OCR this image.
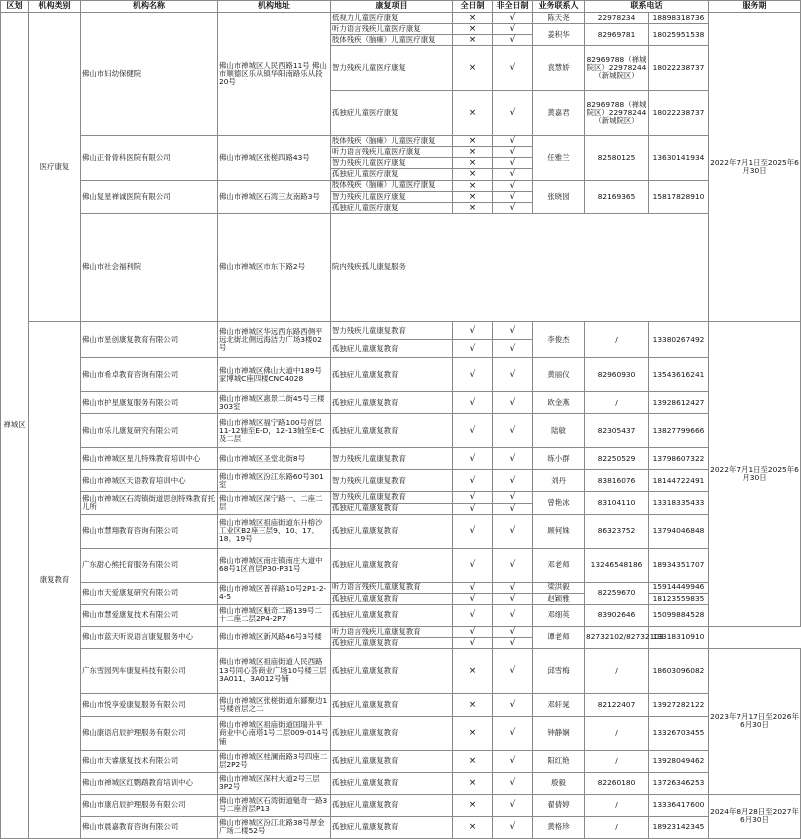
区划	机构类别	机构名称	机构地址	康复项目	全日制	非全日制	业务联系人	联系电话		服务期	
禅城区	医疗康复	佛山市妇幼保健院	佛山市禅城区人民西路11号 佛山市顺德区乐从镇华阳南路乐从段20号	低视力儿童医疗康复	×	√	陈天尧	22978234	18898318736	2022年7月1日至2025年6月30日	
				听力语言残疾儿童医疗康复	×	√	姜积华	82969781	18025951538		
				肢体残疾（脑瘫）儿童医疗康复	×	√					
				智力残疾儿童医疗康复	×	√	袁慧娇	82969788（禅城院区）22978244（新城院区）	18022238737		
				孤独症儿童医疗康复	×	√	黄嘉君	82969788（禅城院区）22978244（新城院区）	18022238737		
		佛山正骨骨科医院有限公司	佛山市禅城区张槎四路43号	肢体残疾（脑瘫）儿童医疗康复	×	√	任雅兰	82580125	13630141934		
				听力语言残疾儿童医疗康复	×	√					
				智力残疾儿童医疗康复	×	√					
				孤独症儿童医疗康复	×	√					
		佛山复星禅诚医院有限公司	佛山市禅城区石湾三友南路3号	肢体残疾（脑瘫）儿童医疗康复	×	√	张晓园	82169365	15817828910		
				智力残疾儿童医疗康复	×	√					
				孤独症儿童医疗康复	×	√					
		佛山市社会福利院	佛山市禅城区市东下路2号	院内残疾孤儿康复服务	
	康复教育	佛山市星创康复教育有限公司	佛山市禅城区华远西东路西侧平远北街北侧远海洁力广场3楼02号	智力残疾儿童康复教育	√	√	李俊杰	/	13380267492	2022年7月1日至2025年6月30日	
				孤独症儿童康复教育	√	√					
		佛山市希卓教育咨询有限公司	佛山市禅城区佛山大道中189号家博城C座四楼CNC4028	孤独症儿童康复教育	√	√	黄丽仪	82960930	13543616241		
		佛山市护星康复服务有限公司	佛山市禅城区惠景二街45号三楼303室	孤独症儿童康复教育	√	√	欧金燕	/	13928612427		
		佛山市乐儿康复研究有限公司	佛山市禅城区福宁路100号首层11-12轴至E-D，12-13轴至E-C及二层	孤独症儿童康复教育	√	√	陆敏	82305437	13827799666		
		佛山市禅城区星儿特殊教育培训中心	佛山市禅城区圣堂北街8号	智力残疾儿童康复教育	√	√	练小群	82250529	13798607322		
		佛山市禅城区天语教育培训中心	佛山市禅城区汾江东路60号301室	智力残疾儿童康复教育	√	√	刘丹	83816076	18144722491		
		佛山市禅城区石湾镇街道思创特殊教育托儿所	佛山市禅城区深宁路一、二座二层	智力残疾儿童康复教育	√	√	曾艳冰	83104110	13318335433		
				孤独症儿童康复教育	√	√					
		佛山市慧翔教育咨询有限公司	佛山市禅城区祖庙街道东升榕沙工业区B2座三层9、10、17、18、19号	孤独症儿童康复教育	√	√	顾何姝	86323752	13794046848		
		广东甜心熊托育服务有限公司	佛山市禅城区南庄镇南庄大道中68号1区首层P30-P31号	孤独症儿童康复教育	√	√	邓老师	13246548186	18934351707		
		佛山市天爱康复研究有限公司	佛山市禅城区普祥路10号2P1-2-4-5	听力语言残疾儿童康复教育	√	√	梁洪毅	82259670	15914449946		
				孤独症儿童康复教育	√	√	赵颖雅		18123559835		
		佛山市慧爱康复技术有限公司	佛山市禅城区魁奇二路139号二十二座二层2P4-2P7	孤独症儿童康复教育	√	√	邓细英	83902646	15099884528		
		佛山市蓝天听说语言康复服务中心	佛山市禅城区新风路46号3号楼	听力语言残疾儿童康复教育	√	√	谭老师	82732102/82732103	13318310910		
				孤独症儿童康复教育	√	√					
		广东雪园列车康复科技有限公司	佛山市禅城区祖庙街道人民西路13号同心荟商业广场10号楼三层3A011、3A012号铺	孤独症儿童康复教育	×	√	邱雪梅	/	18603096082	2023年7月17日至2026年6月30日	
		佛山市悦享爱康复服务有限公司	佛山市禅城区张槎街道东鄙聚边1号楼首层之二	孤独症儿童康复教育	×	√	邓轩晁	82122407	13927282122		
		佛山康语启辰护理服务有限公司	佛山市禅城区祖庙街道国瑞升平商业中心南塔1号二层009-014号铺	孤独症儿童康复教育	×	√	钟静娴	/	13326703455		
		佛山市天睿康复技术有限公司	佛山市禅城区桂澜南路3号四座二层2P2号	孤独症儿童康复教育	×	√	阳红艳	/	13928049462		
		佛山市禅城区红鹦鹉教育培训中心	佛山市禅城区深村大道2号三层3P2号	孤独症儿童康复教育	×	√	殷毅	82260180	13726346253		
		佛山市康启辰护理服务有限公司	佛山市禅城区石湾街道魁奇一路3号二座首层P13	孤独症儿童康复教育	×	√	翟倩婷	/	13336417600	2024年8月28日至2027年6月30日	
		佛山市晨嘉教育咨询有限公司	佛山市禅城区汾江北路38号厚金广场二楼52号	孤独症儿童康复教育	×	√	黄格珍	/	18923142345		
